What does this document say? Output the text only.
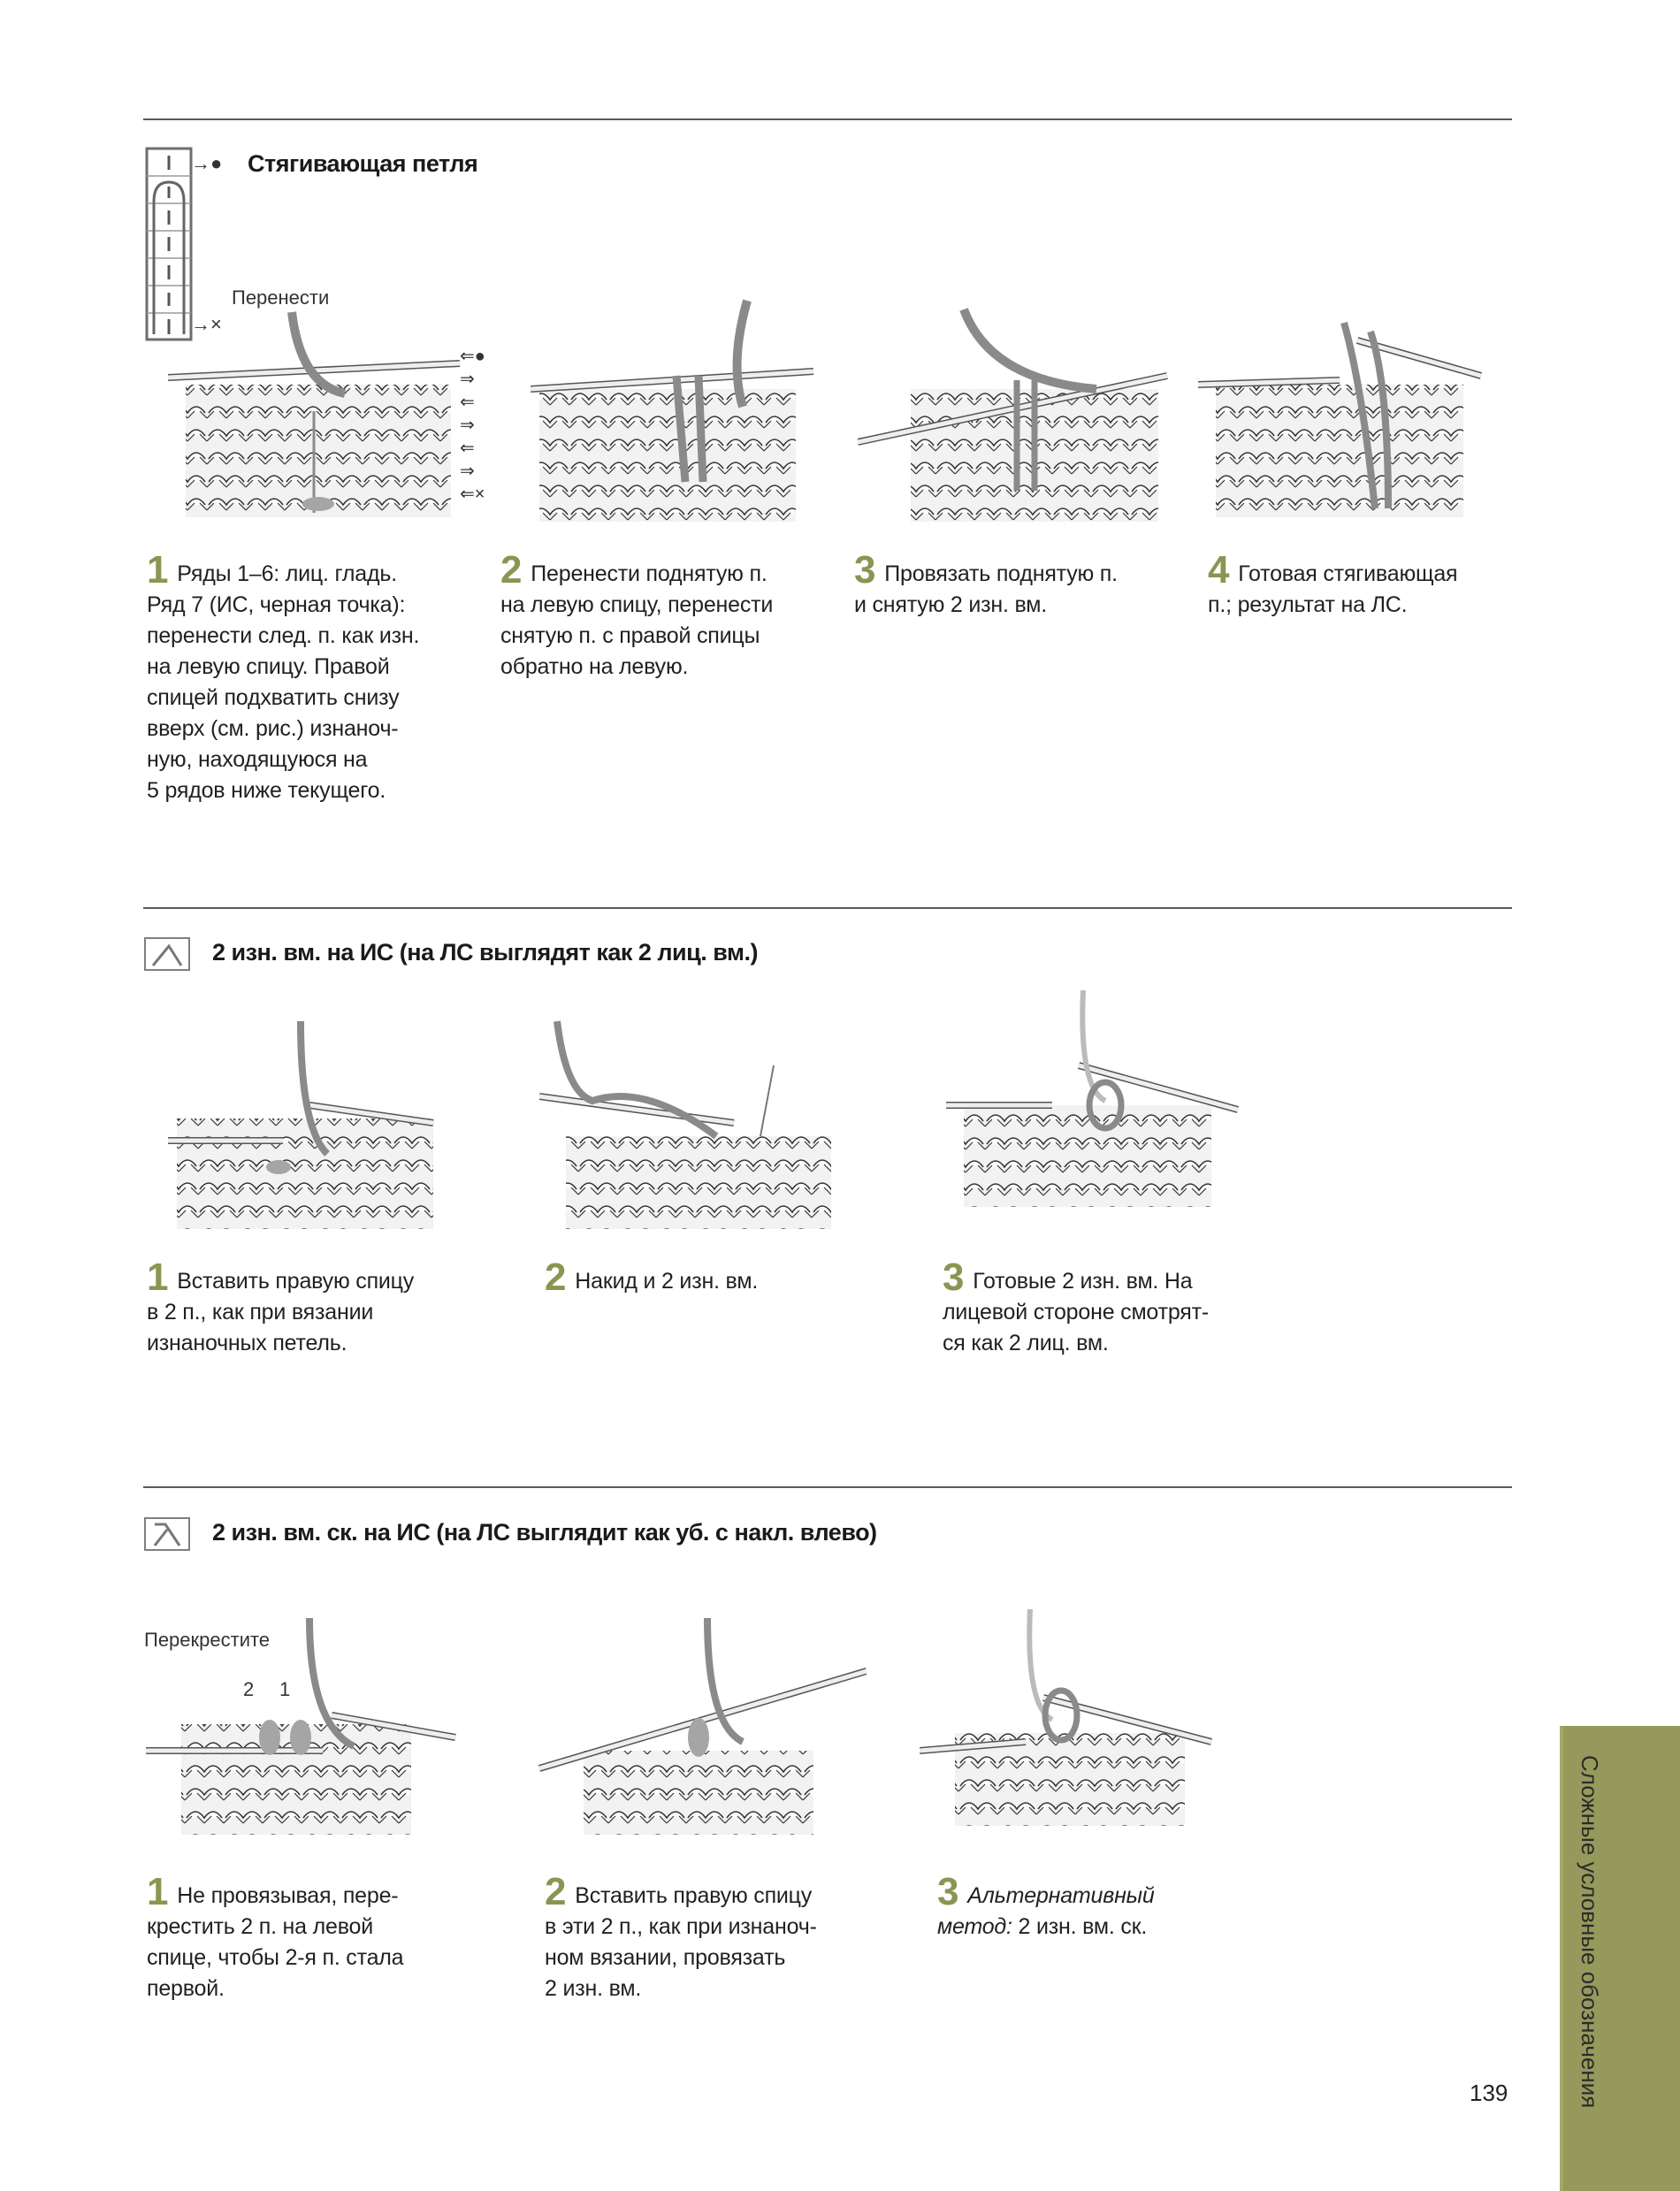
→●
→×
Стягивающая петля
Перенести
⇐●
⇒
⇐
⇒
⇐
⇒
⇐×
1 Ряды 1–6: лиц. гладь.
Ряд 7 (ИС, черная точка):
перенести след. п. как изн.
на левую спицу. Правой
спицей подхватить снизу
вверх (см. рис.) изнаноч-
ную, находящуюся на
5 рядов ниже текущего.
2 Перенести поднятую п.
на левую спицу, перенести
снятую п. с правой спицы
обратно на левую.
3 Провязать поднятую п.
и снятую 2 изн. вм.
4 Готовая стягивающая
п.; результат на ЛС.
2 изн. вм. на ИС (на ЛС выглядят как 2 лиц. вм.)
1 Вставить правую спицу
в 2 п., как при вязании
изнаночных петель.
2 Накид и 2 изн. вм.	3 Готовые 2 изн. вм. На
лицевой стороне смотрят-
ся как 2 лиц. вм.
2 изн. вм. ск. на ИС (на ЛС выглядит как уб. с накл. влево)
Перекрестите
2 1
1 Не провязывая, пере-
крестить 2 п. на левой
спице, чтобы 2-я п. стала
первой.
2 Вставить правую спицу
в эти 2 п., как при изнаноч-
ном вязании, провязать
2 изн. вм.
3 Альтернативный
метод: 2 изн. вм. ск.	Сложные условные обозначения
139
